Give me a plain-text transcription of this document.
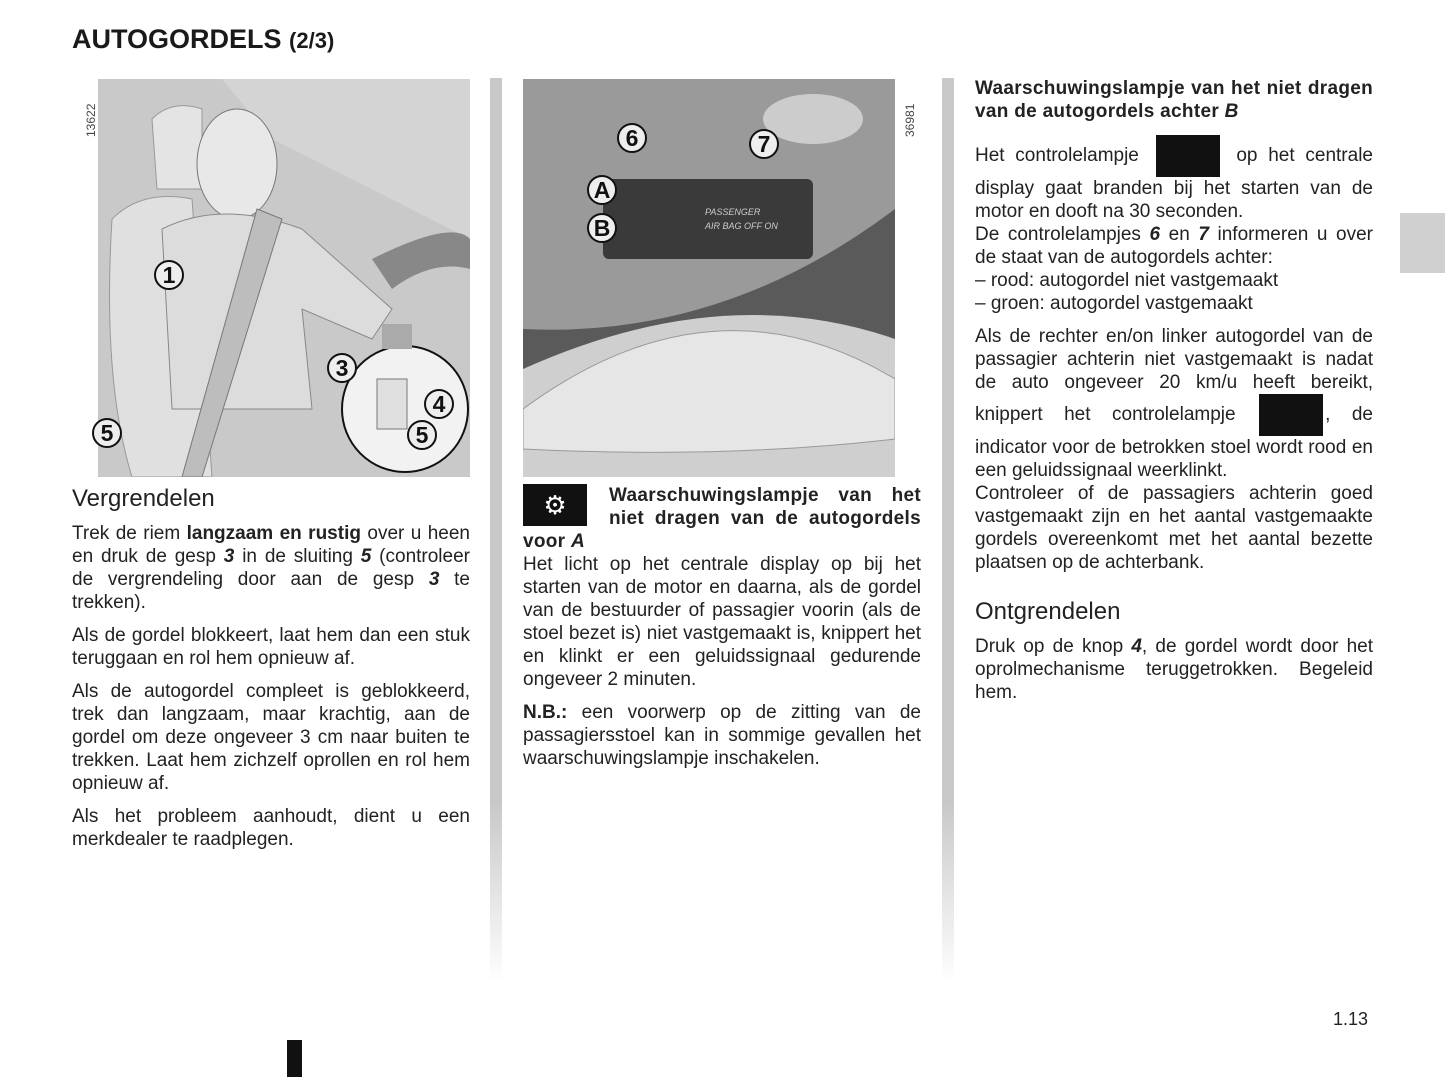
AUTOGORDELS (2/3)
13622
1
3
4
5
5
Vergrendelen

Trek de riem langzaam en rustig over u heen en druk de gesp 3 in de sluiting 5 (controleer de vergrendeling door aan de gesp 3 te trekken).

Als de gordel blokkeert, laat hem dan een stuk teruggaan en rol hem opnieuw af.

Als de autogordel compleet is geblokkeerd, trek dan langzaam, maar krachtig, aan de gordel om deze ongeveer 3 cm naar buiten te trekken. Laat hem zichzelf oprollen en rol hem opnieuw af.

Als het probleem aanhoudt, dient u een merkdealer te raadplegen.

36981
PASSENGER
AIR BAG OFF ON
6	7
A
B
⚙	Waarschuwingslampje van het niet dragen van de autogordels voor A

Het licht op het centrale display op bij het starten van de motor en daarna, als de gordel van de bestuurder of passagier voorin (als de stoel bezet is) niet vastgemaakt is, knippert het en klinkt er een geluidssignaal gedurende ongeveer 2 minuten.

N.B.: een voorwerp op de zitting van de passagiersstoel kan in sommige gevallen het waarschuwingslampje inschakelen.

Waarschuwingslampje van het niet dragen van de autogordels achter B

Het controlelampje	op het centrale display gaat branden bij het starten van de motor en dooft na 30 seconden.

De controlelampjes 6 en 7 informeren u over de staat van de autogordels achter:

– rood: autogordel niet vastgemaakt

– groen: autogordel vastgemaakt

Als de rechter en/on linker autogordel van de passagier achterin niet vastgemaakt is nadat de auto ongeveer 20 km/u heeft bereikt, knippert het controlelampje	, de indicator voor de betrokken stoel wordt rood en een geluidssignaal weerklinkt.

Controleer of de passagiers achterin goed vastgemaakt zijn en het aantal vastgemaakte gordels overeenkomt met het aantal bezette plaatsen op de achterbank.

Ontgrendelen

Druk op de knop 4, de gordel wordt door het oprolmechanisme teruggetrokken. Begeleid hem.

1.13
